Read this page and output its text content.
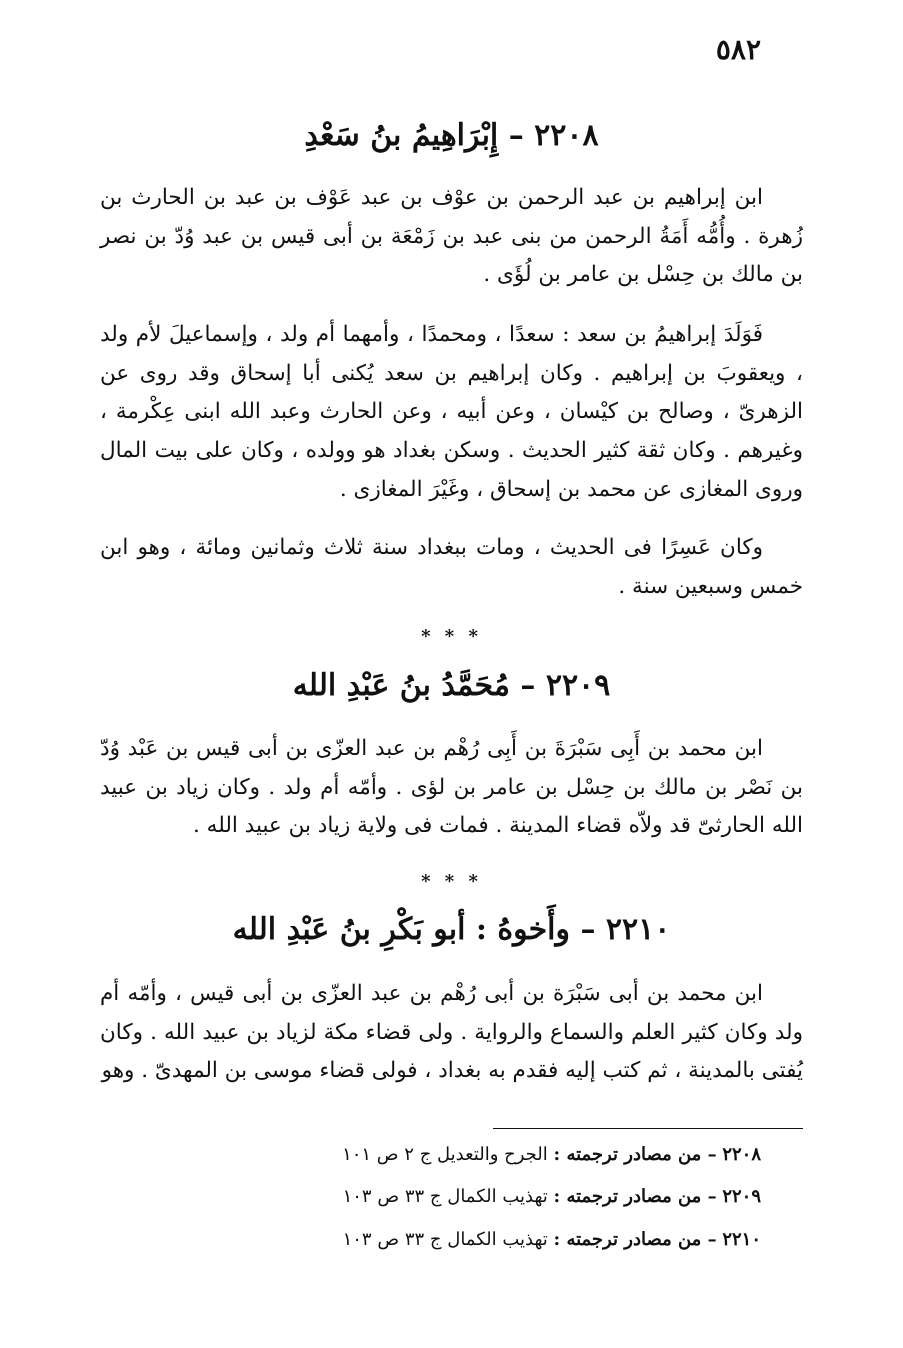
٥٨٢
٢٢٠٨ – إِبْرَاهِيمُ بنُ سَعْدِ

ابن إبراهيم بن عبد الرحمن بن عوْف بن عبد عَوْف بن عبد بن الحارث بن زُهرة . وأُمُّه أَمَةُ الرحمن من بنى عبد بن زَمْعَة بن أبى قيس بن عبد وُدّ بن نصر بن مالك بن حِسْل بن عامر بن لُؤَى .

فَوَلَدَ إبراهيمُ بن سعد : سعدًا ، ومحمدًا ، وأمهما أم ولد ، وإسماعيلَ لأم ولد ، ويعقوبَ بن إبراهيم . وكان إبراهيم بن سعد يُكنى أبا إسحاق وقد روى عن الزهرىّ ، وصالح بن كيْسان ، وعن أبيه ، وعن الحارث وعبد الله ابنى عِكْرمة ، وغيرهم . وكان ثقة كثير الحديث . وسكن بغداد هو وولده ، وكان على بيت المال وروى المغازى عن محمد بن إسحاق ، وغَيْرَ المغازى .

وكان عَسِرًا فى الحديث ، ومات ببغداد سنة ثلاث وثمانين ومائة ، وهو ابن خمس وسبعين سنة .

* * *
٢٢٠٩ – مُحَمَّدُ بنُ عَبْدِ الله

ابن محمد بن أَبِى سَبْرَةَ بن أَبِى رُهْم بن عبد العزّى بن أبى قيس بن عَبْد وُدّ بن نَصْر بن مالك بن حِسْل بن عامر بن لؤى . وأمّه أم ولد . وكان زياد بن عبيد الله الحارثىّ قد ولاّه قضاء المدينة . فمات فى ولاية زياد بن عبيد الله .

* * *
٢٢١٠ – وأَخوهُ : أبو بَكْرِ بنُ عَبْدِ الله

ابن محمد بن أبى سَبْرَة بن أبى رُهْم بن عبد العزّى بن أبى قيس ، وأمّه أم ولد وكان كثير العلم والسماع والرواية . ولى قضاء مكة لزياد بن عبيد الله . وكان يُفتى بالمدينة ، ثم كتب إليه فقدم به بغداد ، فولى قضاء موسى بن المهدىّ . وهو

٢٢٠٨ – من مصادر ترجمته : الجرح والتعديل ج ٢ ص ١٠١
٢٢٠٩ – من مصادر ترجمته : تهذيب الكمال ج ٣٣ ص ١٠٣
٢٢١٠ – من مصادر ترجمته : تهذيب الكمال ج ٣٣ ص ١٠٣
